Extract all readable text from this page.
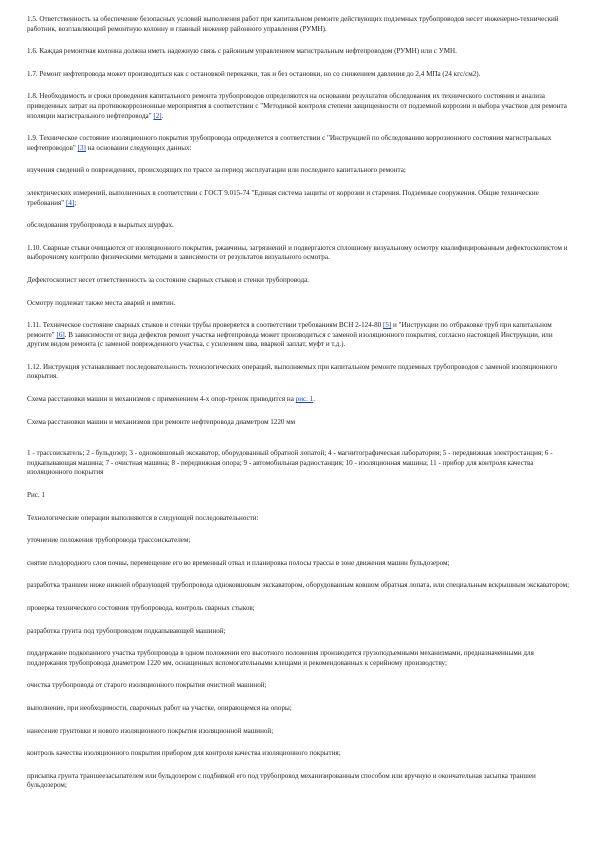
1.5. Ответственность за обеспечение безопасных условий выполнения работ при капитальном ремонте действующих подземных трубопроводов несет инженерно-технический работник, возглавляющий ремонтную колонну и главный инженер районного управления (РУМН).

1.6. Каждая ремонтная колонна должна иметь надежную связь с районным управлением магистральным нефтепроводом (РУМН) или с УМН.

1.7. Ремонт нефтепровода может производиться как с остановкой перекачки, так и без остановки, но со снижением давления до 2,4 МПа (24 кгс/см2).

1.8. Необходимость и сроки проведения капитального ремонта трубопроводов определяются на основании результатов обследования их технического состояния и анализа приведенных затрат на противокоррозионные мероприятия в соответствии с "Методикой контроля степени защищенности от подземной коррозии и выбора участков для ремонта изоляции магистрального нефтепровода" [2].

1.9. Техническое состояние изоляционного покрытия трубопровода определяется в соответствии с "Инструкцией по обследованию коррозионного состояния магистральных нефтепроводов" [3] на основании следующих данных:

изучения сведений о повреждениях, происходящих по трассе за период эксплуатации или последнего капитального ремонта;

электрических измерений, выполненных в соответствии с ГОСТ 9.015-74 "Единая система защиты от коррозии и старения. Подземные сооружения. Общие технические требования" [4];

обследования трубопровода в вырытых шурфах.

1.10. Сварные стыки очищаются от изоляционного покрытия, ржавчины, загрязнений и подвергаются сплошному визуальному осмотру квалифицированным дефектоскопистом и выборочному контролю физическими методами в зависимости от результатов визуального осмотра.

Дефектоскопист несет ответственность за состояние сварных стыков и стенки трубопровода.

Осмотру подлежат также места аварий и вмятин.

1.11. Техническое состояние сварных стыков и стенки трубы проверяется в соответствии требованиям ВСН 2-124-80 [5] и "Инструкции по отбраковке труб при капитальном ремонте" [6]. В зависимости от вида дефектов ремонт участка нефтепровода может производиться с заменой изоляционного покрытия, согласно настоящей Инструкции, или другим видом ремонта (с заменой поврежденного участка, с усилением шва, вваркой заплат, муфт и т.д.).

1.12. Инструкция устанавливает последовательность технологических операций, выполняемых при капитальном ремонте подземных трубопроводов с заменой изоляционного покрытия.

Схема расстановки машин и механизмов с применением 4-х опор-тренок приводится на рис. 1.

Схема расстановки машин и механизмов при ремонте нефтепровода диаметром 1220 мм

1 - трассоискатель; 2 - бульдозер; 3 - одноковшовый экскаватор, оборудованный обратной лопатой; 4 - магнитографическая лаборатория; 5 - передвижная электростанция; 6 - подкапывающая машина; 7 - очистная машина; 8 - передвижная опора; 9 - автомобильная радиостанция; 10 - изоляционная машина; 11 - прибор для контроля качества изоляционного покрытия

Рис. 1

Технологические операции выполняются в следующей последовательности:

уточнение положения трубопровода трассоискателем;

снятие плодородного слоя почвы, перемещение его во временный отвал и планировка полосы трассы в зоне движения машин бульдозером;

разработка траншеи ниже нижней образующей трубопровода одноковшовым экскаватором, оборудованным ковшом обратная лопата, или специальным вскрышным экскаватором;

проверка технического состояния трубопровода, контроль сварных стыков;

разработка грунта под трубопроводом подкапывающей машиной;

поддержание подкопанного участка трубопровода в одном положении его высотного положения производится грузоподъемными механизмами, предназначенными для поддержания трубопровода диаметром 1220 мм, оснащенных вспомогательными клещами и рекомендованных к серийному производству;

очистка трубопровода от старого изоляционного покрытия очистной машиной;

выполнение, при необходимости, сварочных работ на участке, опирающемся на опоры;

нанесение грунтовки и нового изоляционного покрытия изоляционной машиной;

контроль качества изоляционного покрытия прибором для контроля качества изоляционного покрытия;

присыпка грунта траншеезасыпателем или бульдозером с подбивкой его под трубопровод механизированным способом или вручную и окончательная засыпка траншеи бульдозером;
